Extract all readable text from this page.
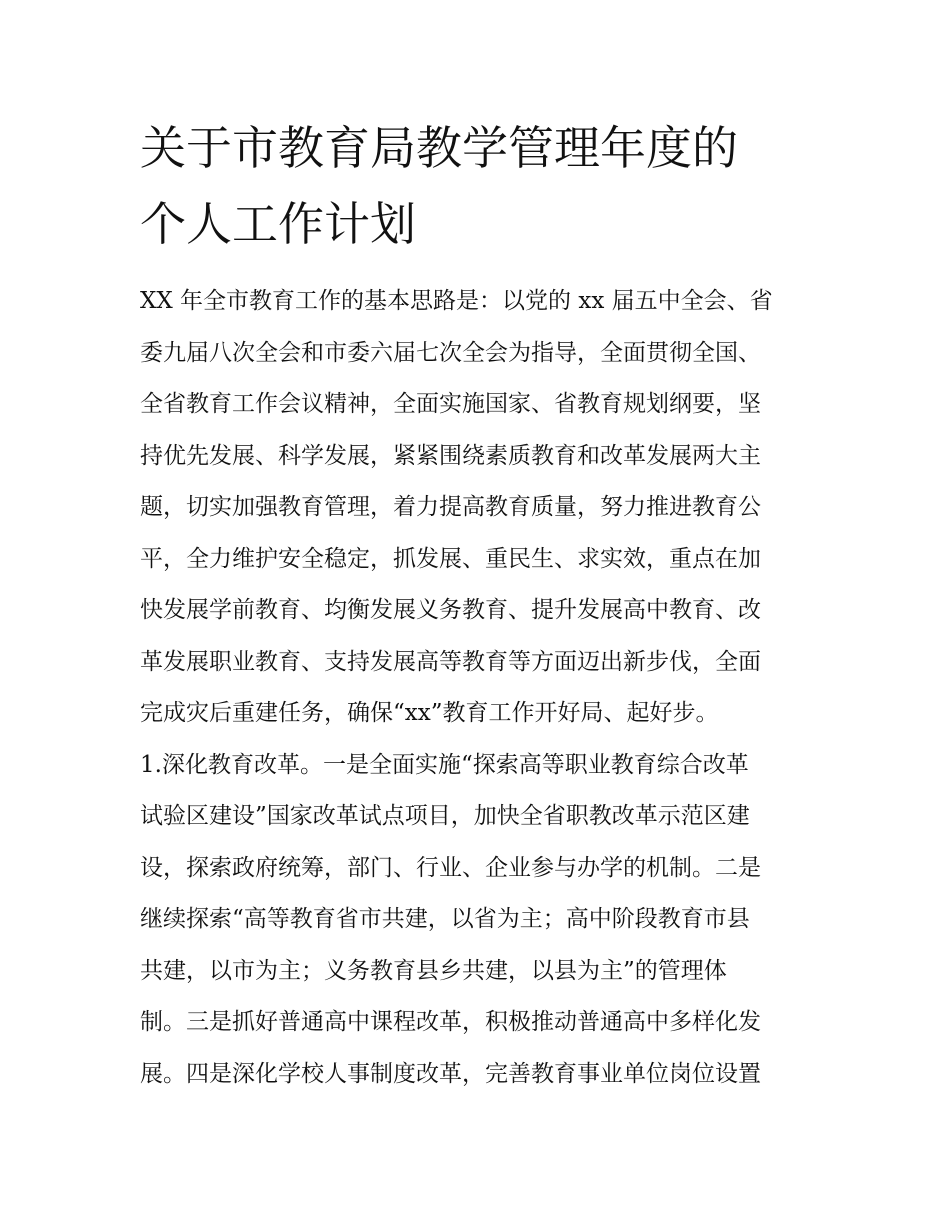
关于市教育局教学管理年度的
个人工作计划
XX 年全市教育工作的基本思路是：以党的 xx 届五中全会、省
委九届八次全会和市委六届七次全会为指导，全面贯彻全国、
全省教育工作会议精神，全面实施国家、省教育规划纲要，坚
持优先发展、科学发展，紧紧围绕素质教育和改革发展两大主
题，切实加强教育管理，着力提高教育质量，努力推进教育公
平，全力维护安全稳定，抓发展、重民生、求实效，重点在加
快发展学前教育、均衡发展义务教育、提升发展高中教育、改
革发展职业教育、支持发展高等教育等方面迈出新步伐，全面
完成灾后重建任务，确保“xx”教育工作开好局、起好步。
1.深化教育改革。一是全面实施“探索高等职业教育综合改革
试验区建设”国家改革试点项目，加快全省职教改革示范区建
设，探索政府统筹，部门、行业、企业参与办学的机制。二是
继续探索“高等教育省市共建，以省为主；高中阶段教育市县
共建，以市为主；义务教育县乡共建，以县为主”的管理体
制。三是抓好普通高中课程改革，积极推动普通高中多样化发
展。四是深化学校人事制度改革，完善教育事业单位岗位设置
